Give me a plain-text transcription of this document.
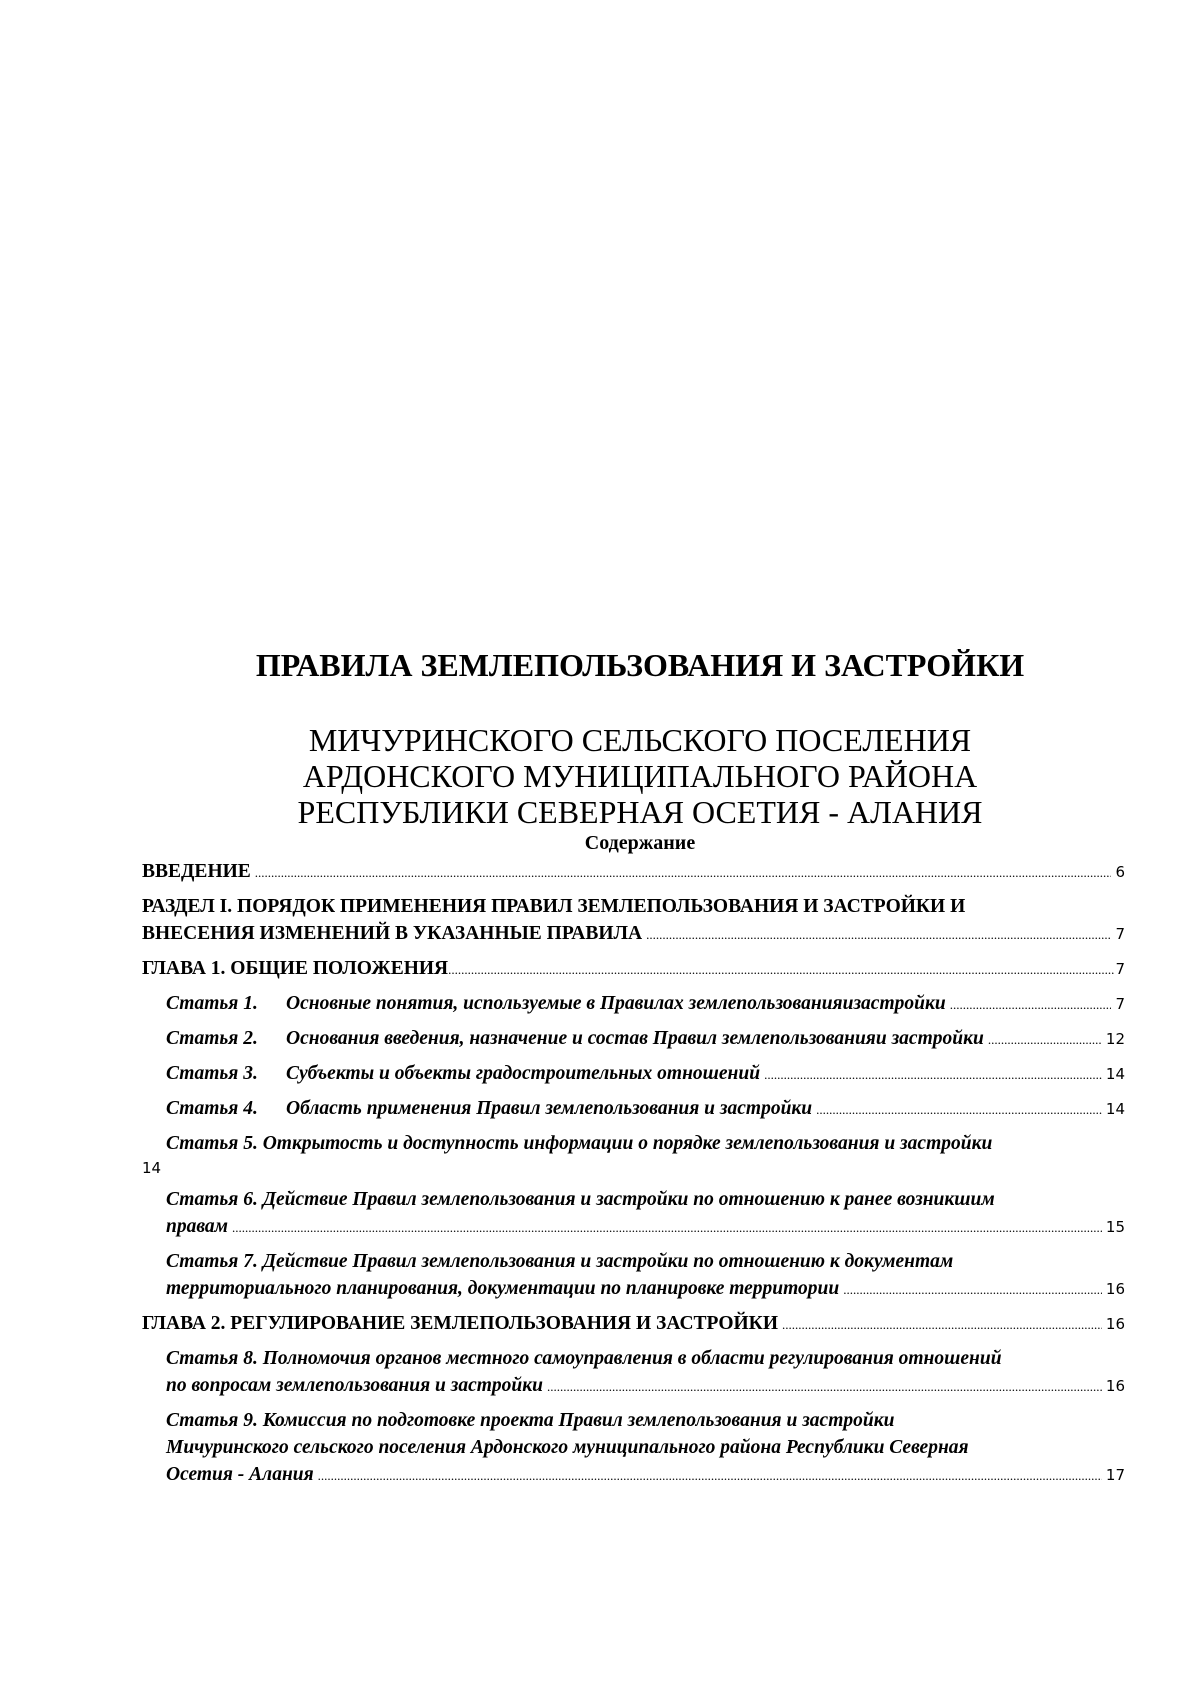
ПРАВИЛА ЗЕМЛЕПОЛЬЗОВАНИЯ И ЗАСТРОЙКИ
МИЧУРИНСКОГО СЕЛЬСКОГО ПОСЕЛЕНИЯ
АРДОНСКОГО МУНИЦИПАЛЬНОГО РАЙОНА
РЕСПУБЛИКИ СЕВЕРНАЯ ОСЕТИЯ - АЛАНИЯ
Содержание
ВВЕДЕНИЕ .....	6
РАЗДЕЛ I. ПОРЯДОК ПРИМЕНЕНИЯ ПРАВИЛ ЗЕМЛЕПОЛЬЗОВАНИЯ И ЗАСТРОЙКИ И
ВНЕСЕНИЯ ИЗМЕНЕНИЙ В УКАЗАННЫЕ ПРАВИЛА .....	7
ГЛАВА 1. ОБЩИЕ ПОЛОЖЕНИЯ .....	7
Статья 1.	Основные понятия, используемые в Правилах землепользованияизастройки .....	7
Статья 2.	Основания введения, назначение и состав Правил землепользованияи застройки .....	12
Статья 3.	Субъекты и объекты градостроительных отношений .....	14
Статья 4.	Область применения Правил землепользования и застройки .....	14
Статья 5. Открытость и доступность информации о порядке землепользования и застройки
14
Статья 6. Действие Правил землепользования и застройки по отношению к ранее возникшим
правам .....	15
Статья 7. Действие Правил землепользования и застройки по отношению к документам
территориального планирования, документации по планировке территории .....	16
ГЛАВА 2. РЕГУЛИРОВАНИЕ ЗЕМЛЕПОЛЬЗОВАНИЯ И ЗАСТРОЙКИ .....	16
Статья 8. Полномочия органов местного самоуправления в области регулирования отношений
по вопросам землепользования и застройки .....	16
Статья 9. Комиссия по подготовке проекта Правил землепользования и застройки
Мичуринского сельского поселения Ардонского муниципального района Республики Северная
Осетия - Алания .....	17
